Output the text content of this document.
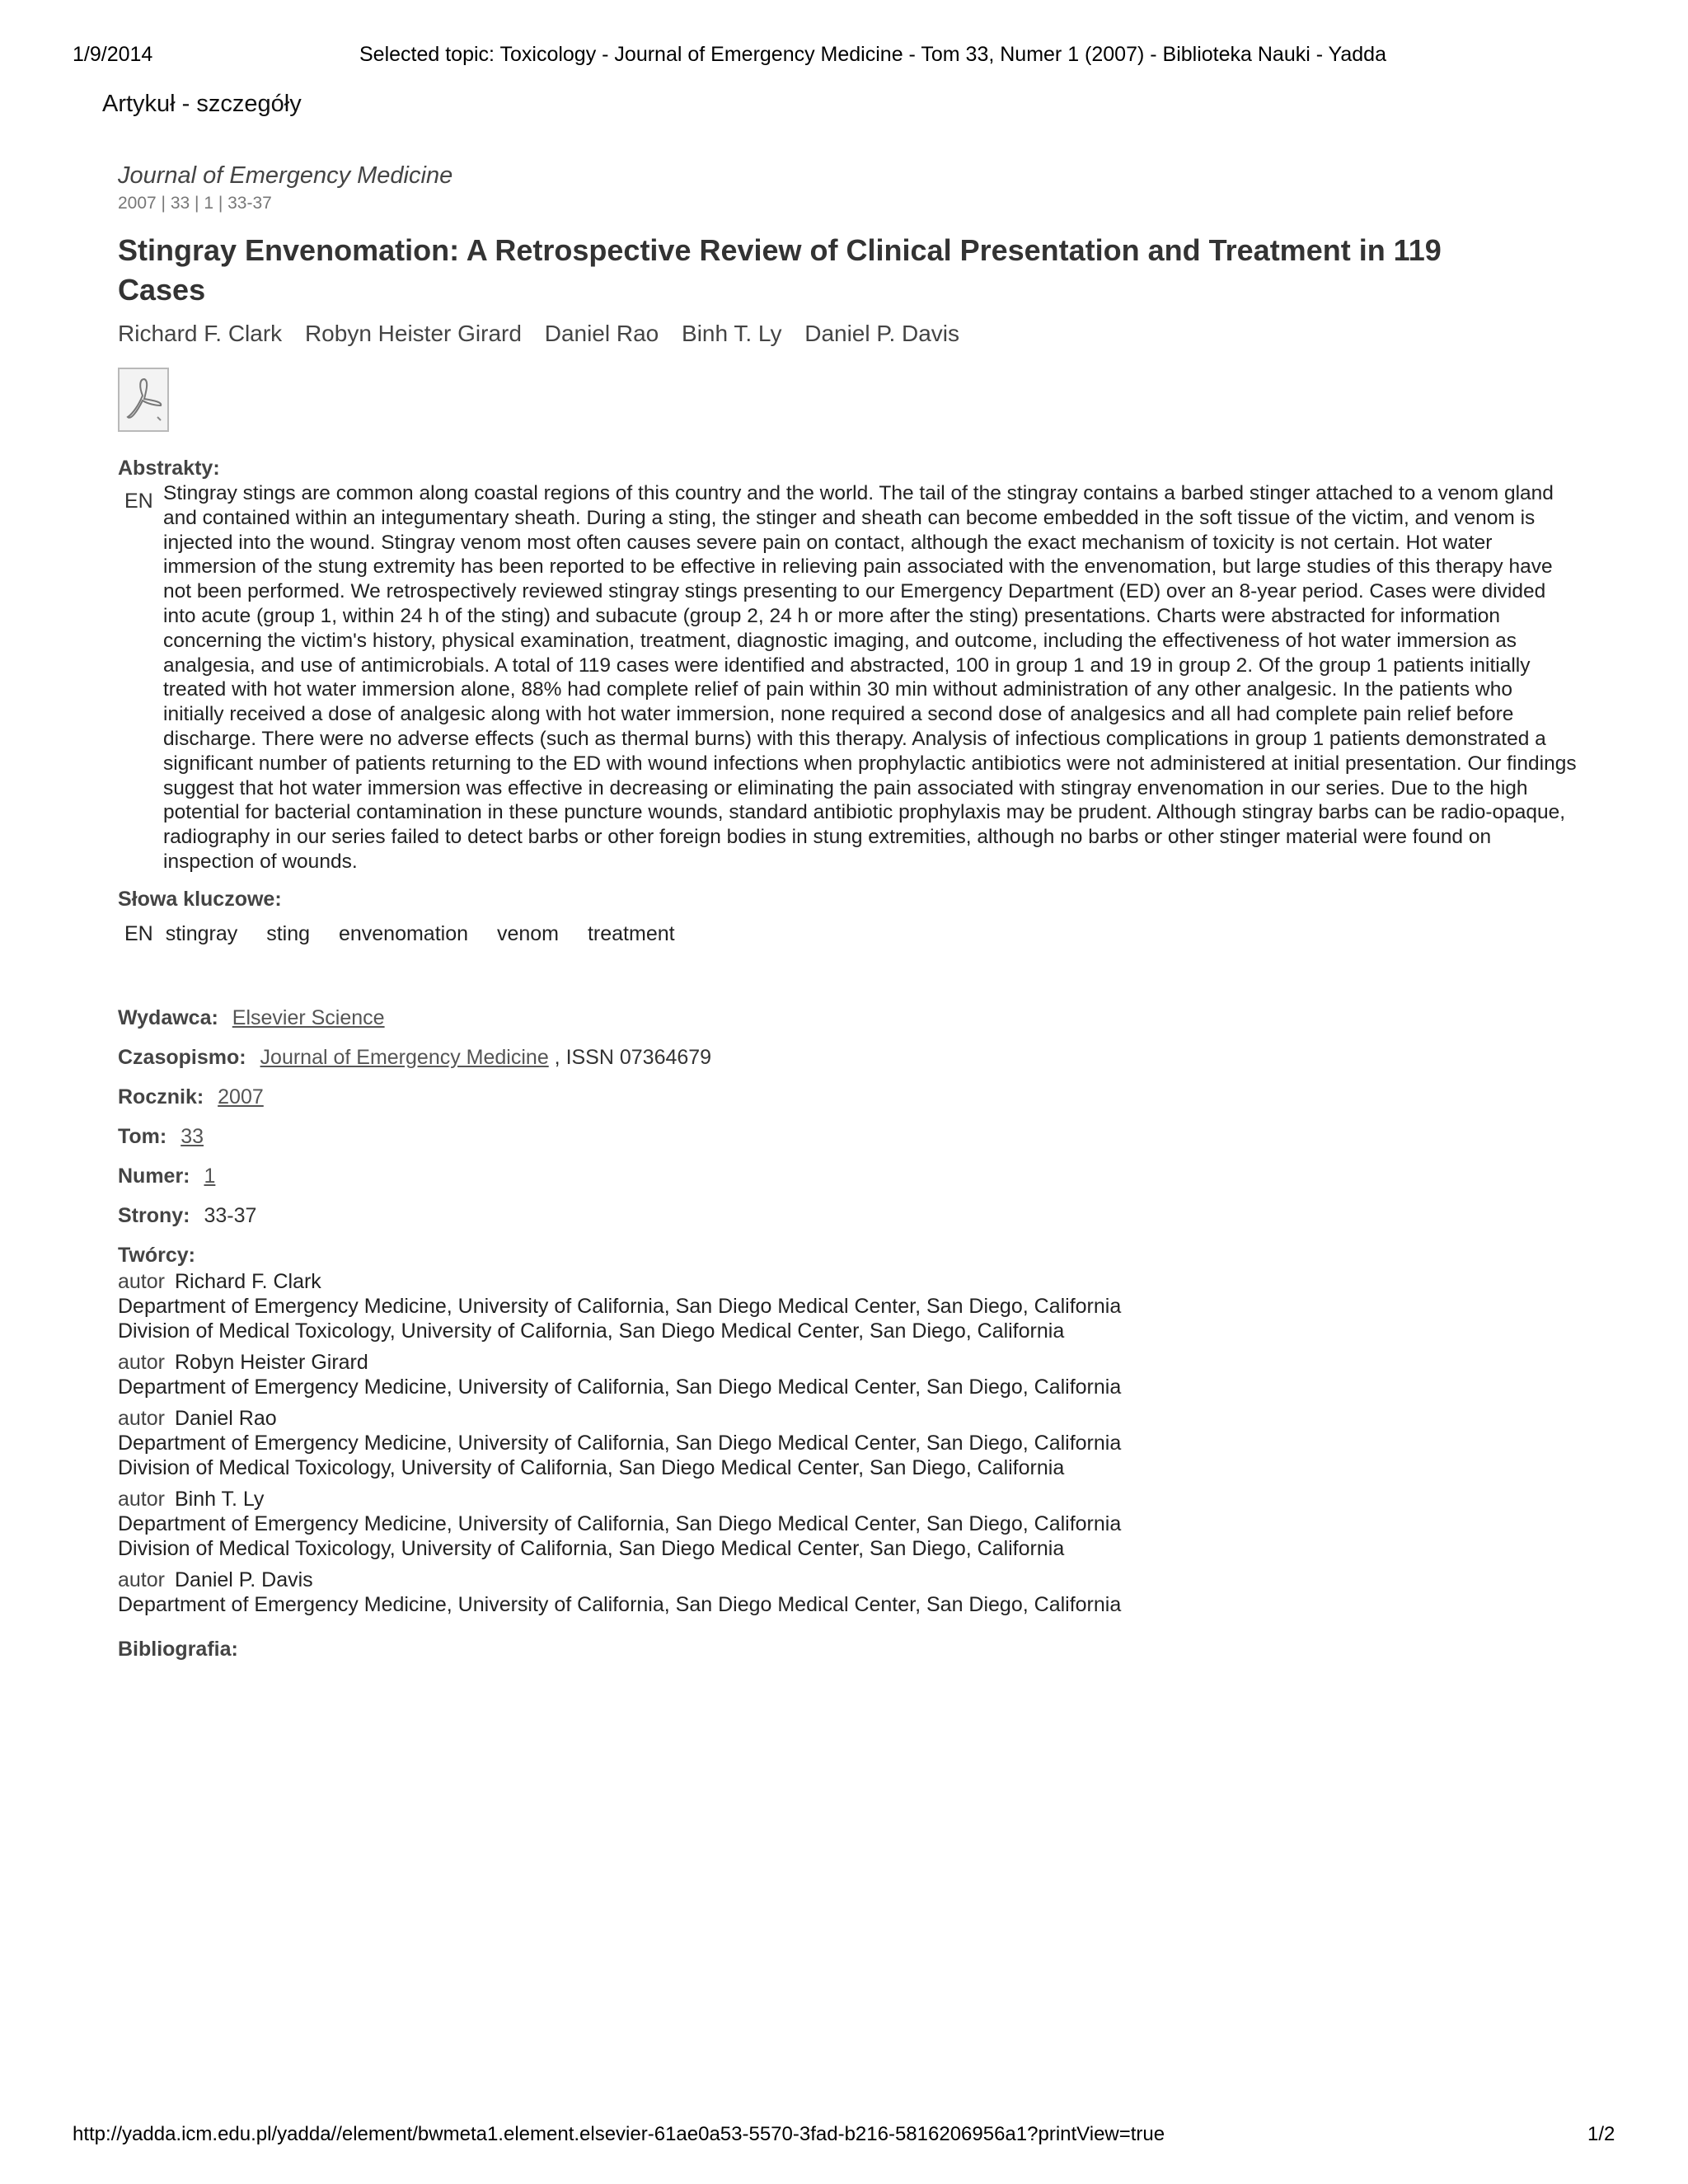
1/9/2014	Selected topic: Toxicology - Journal of Emergency Medicine - Tom 33, Numer 1 (2007) - Biblioteka Nauki - Yadda
Artykuł - szczegóły
Journal of Emergency Medicine
2007 | 33 | 1 | 33-37
Stingray Envenomation: A Retrospective Review of Clinical Presentation and Treatment in 119 Cases
Richard F. Clark Robyn Heister Girard Daniel Rao Binh T. Ly Daniel P. Davis
Abstrakty:
EN Stingray stings are common along coastal regions of this country and the world. The tail of the stingray contains a barbed stinger attached to a venom gland and contained within an integumentary sheath. During a sting, the stinger and sheath can become embedded in the soft tissue of the victim, and venom is injected into the wound. Stingray venom most often causes severe pain on contact, although the exact mechanism of toxicity is not certain. Hot water immersion of the stung extremity has been reported to be effective in relieving pain associated with the envenomation, but large studies of this therapy have not been performed. We retrospectively reviewed stingray stings presenting to our Emergency Department (ED) over an 8-year period. Cases were divided into acute (group 1, within 24 h of the sting) and subacute (group 2, 24 h or more after the sting) presentations. Charts were abstracted for information concerning the victim's history, physical examination, treatment, diagnostic imaging, and outcome, including the effectiveness of hot water immersion as analgesia, and use of antimicrobials. A total of 119 cases were identified and abstracted, 100 in group 1 and 19 in group 2. Of the group 1 patients initially treated with hot water immersion alone, 88% had complete relief of pain within 30 min without administration of any other analgesic. In the patients who initially received a dose of analgesic along with hot water immersion, none required a second dose of analgesics and all had complete pain relief before discharge. There were no adverse effects (such as thermal burns) with this therapy. Analysis of infectious complications in group 1 patients demonstrated a significant number of patients returning to the ED with wound infections when prophylactic antibiotics were not administered at initial presentation. Our findings suggest that hot water immersion was effective in decreasing or eliminating the pain associated with stingray envenomation in our series. Due to the high potential for bacterial contamination in these puncture wounds, standard antibiotic prophylaxis may be prudent. Although stingray barbs can be radio-opaque, radiography in our series failed to detect barbs or other foreign bodies in stung extremities, although no barbs or other stinger material were found on inspection of wounds.
Słowa kluczowe:
EN stingray sting envenomation venom treatment
Wydawca: Elsevier Science
Czasopismo: Journal of Emergency Medicine , ISSN 07364679
Rocznik: 2007
Tom: 33
Numer: 1
Strony: 33-37
Twórcy:
autor Richard F. Clark
Department of Emergency Medicine, University of California, San Diego Medical Center, San Diego, California
Division of Medical Toxicology, University of California, San Diego Medical Center, San Diego, California
autor Robyn Heister Girard
Department of Emergency Medicine, University of California, San Diego Medical Center, San Diego, California
autor Daniel Rao
Department of Emergency Medicine, University of California, San Diego Medical Center, San Diego, California
Division of Medical Toxicology, University of California, San Diego Medical Center, San Diego, California
autor Binh T. Ly
Department of Emergency Medicine, University of California, San Diego Medical Center, San Diego, California
Division of Medical Toxicology, University of California, San Diego Medical Center, San Diego, California
autor Daniel P. Davis
Department of Emergency Medicine, University of California, San Diego Medical Center, San Diego, California
Bibliografia:
http://yadda.icm.edu.pl/yadda//element/bwmeta1.element.elsevier-61ae0a53-5570-3fad-b216-5816206956a1?printView=true	1/2
